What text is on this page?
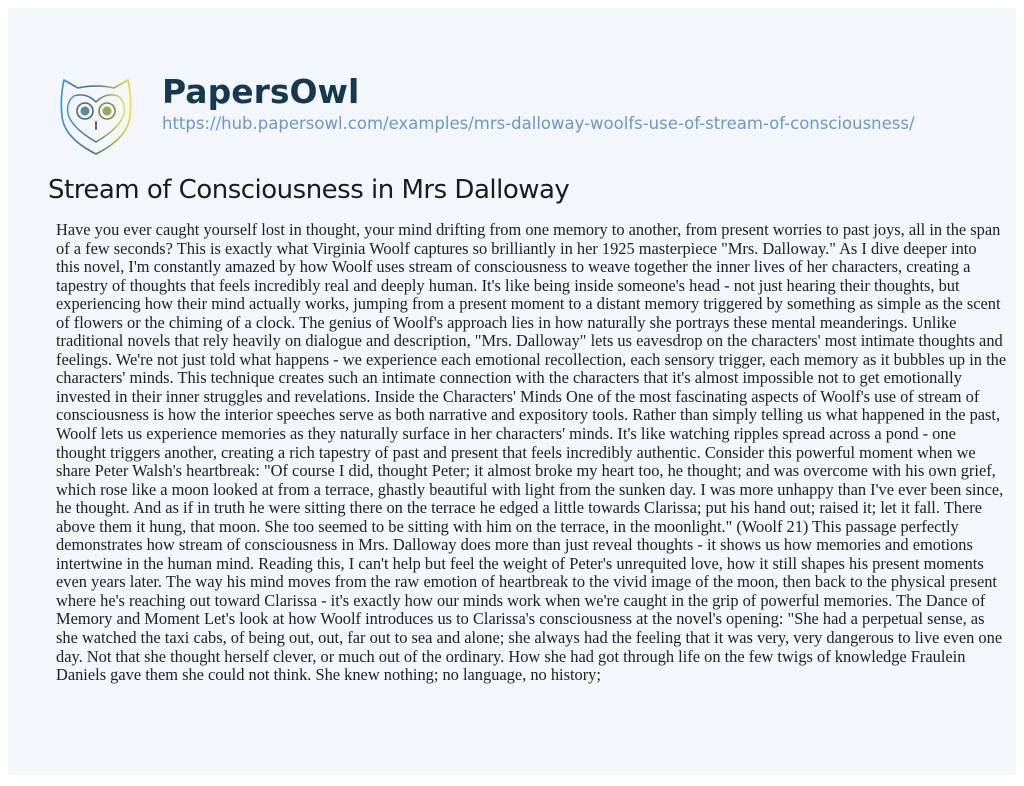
PapersOwl
https://hub.papersowl.com/examples/mrs-dalloway-woolfs-use-of-stream-of-consciousness/
Stream of Consciousness in Mrs Dalloway
Have you ever caught yourself lost in thought, your mind drifting from one memory to another, from present worries to past joys, all in the span
of a few seconds? This is exactly what Virginia Woolf captures so brilliantly in her 1925 masterpiece "Mrs. Dalloway." As I dive deeper into
this novel, I'm constantly amazed by how Woolf uses stream of consciousness to weave together the inner lives of her characters, creating a
tapestry of thoughts that feels incredibly real and deeply human. It's like being inside someone's head - not just hearing their thoughts, but
experiencing how their mind actually works, jumping from a present moment to a distant memory triggered by something as simple as the scent
of flowers or the chiming of a clock. The genius of Woolf's approach lies in how naturally she portrays these mental meanderings. Unlike
traditional novels that rely heavily on dialogue and description, "Mrs. Dalloway" lets us eavesdrop on the characters' most intimate thoughts and
feelings. We're not just told what happens - we experience each emotional recollection, each sensory trigger, each memory as it bubbles up in the
characters' minds. This technique creates such an intimate connection with the characters that it's almost impossible not to get emotionally
invested in their inner struggles and revelations. Inside the Characters' Minds One of the most fascinating aspects of Woolf's use of stream of
consciousness is how the interior speeches serve as both narrative and expository tools. Rather than simply telling us what happened in the past,
Woolf lets us experience memories as they naturally surface in her characters' minds. It's like watching ripples spread across a pond - one
thought triggers another, creating a rich tapestry of past and present that feels incredibly authentic. Consider this powerful moment when we
share Peter Walsh's heartbreak: "Of course I did, thought Peter; it almost broke my heart too, he thought; and was overcome with his own grief,
which rose like a moon looked at from a terrace, ghastly beautiful with light from the sunken day. I was more unhappy than I've ever been since,
he thought. And as if in truth he were sitting there on the terrace he edged a little towards Clarissa; put his hand out; raised it; let it fall. There
above them it hung, that moon. She too seemed to be sitting with him on the terrace, in the moonlight." (Woolf 21) This passage perfectly
demonstrates how stream of consciousness in Mrs. Dalloway does more than just reveal thoughts - it shows us how memories and emotions
intertwine in the human mind. Reading this, I can't help but feel the weight of Peter's unrequited love, how it still shapes his present moments
even years later. The way his mind moves from the raw emotion of heartbreak to the vivid image of the moon, then back to the physical present
where he's reaching out toward Clarissa - it's exactly how our minds work when we're caught in the grip of powerful memories. The Dance of
Memory and Moment Let's look at how Woolf introduces us to Clarissa's consciousness at the novel's opening: "She had a perpetual sense, as
she watched the taxi cabs, of being out, out, far out to sea and alone; she always had the feeling that it was very, very dangerous to live even one
day. Not that she thought herself clever, or much out of the ordinary. How she had got through life on the few twigs of knowledge Fraulein
Daniels gave them she could not think. She knew nothing; no language, no history;
